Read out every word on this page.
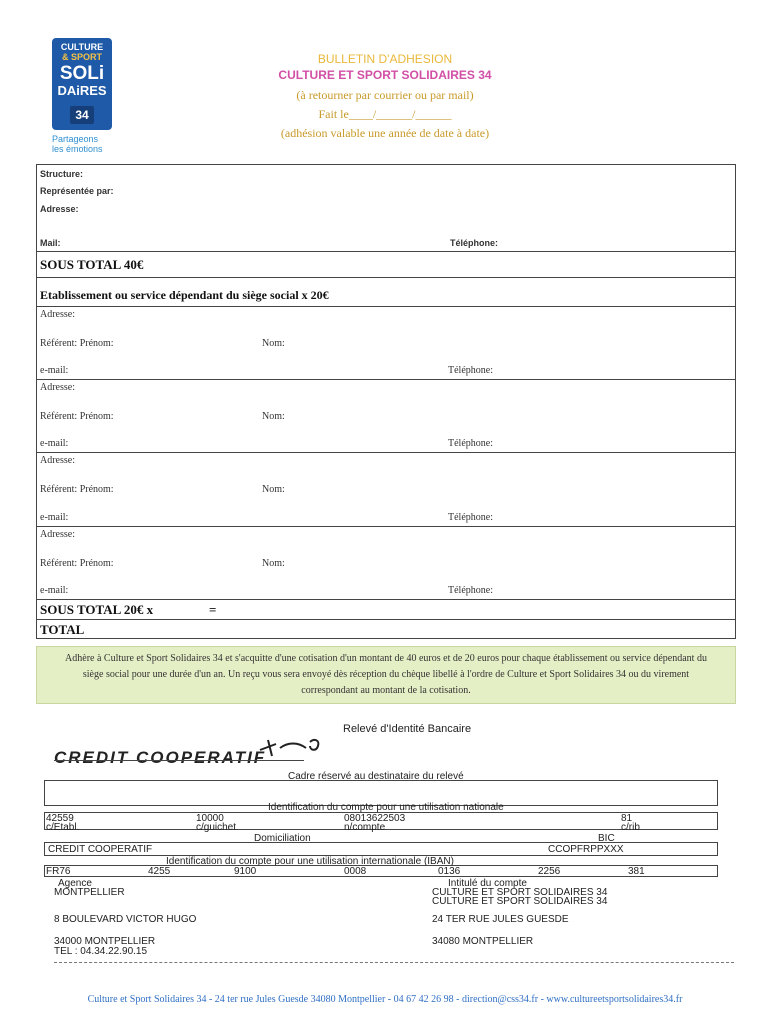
CULTURE
& SPORT
SOLi
DAiRES
34
Partageons
les émotions
BULLETIN D'ADHESION
CULTURE ET SPORT SOLIDAIRES 34
(à retourner par courrier ou par mail)
Fait le____/______/______
(adhésion valable une année de date à date)
Structure:
Représentée par:
Adresse:
Mail:	Téléphone:
SOUS TOTAL 40€
Etablissement ou service dépendant du siège social x 20€
Adresse:
Référent: Prénom:	Nom:
e-mail:	Téléphone:
Adresse:
Référent: Prénom:	Nom:
e-mail:	Téléphone:
Adresse:
Référent: Prénom:	Nom:
e-mail:	Téléphone:
Adresse:
Référent: Prénom:	Nom:
e-mail:	Téléphone:
SOUS TOTAL 20€ x	=
TOTAL
Adhère à Culture et Sport Solidaires 34 et s'acquitte d'une cotisation d'un montant de 40 euros et de 20 euros pour chaque établissement ou service dépendant du siège social pour une durée d'un an. Un reçu vous sera envoyé dès réception du chèque libellé à l'ordre de Culture et Sport Solidaires 34 ou du virement correspondant au montant de la cotisation.
Relevé d'Identité Bancaire
CREDIT COOPERATIF
Cadre réservé au destinataire du relevé
Identification du compte pour une utilisation nationale
42559	10000	08013622503	81
c/Etabl.	c/guichet	n/compte	c/rib
Domiciliation	BIC
CREDIT COOPERATIF	CCOPFRPPXXX
Identification du compte pour une utilisation internationale (IBAN)
FR76	4255	9100	0008	0136	2256	381
Agence
MONTPELLIER
8 BOULEVARD VICTOR HUGO
34000 MONTPELLIER
TEL : 04.34.22.90.15
Intitulé du compte
CULTURE ET SPORT SOLIDAIRES 34
CULTURE ET SPORT SOLIDAIRES 34
24 TER RUE JULES GUESDE
34080 MONTPELLIER
Culture et Sport Solidaires 34 - 24 ter rue Jules Guesde 34080 Montpellier - 04 67 42 26 98 - direction@css34.fr - www.cultureetsportsolidaires34.fr
